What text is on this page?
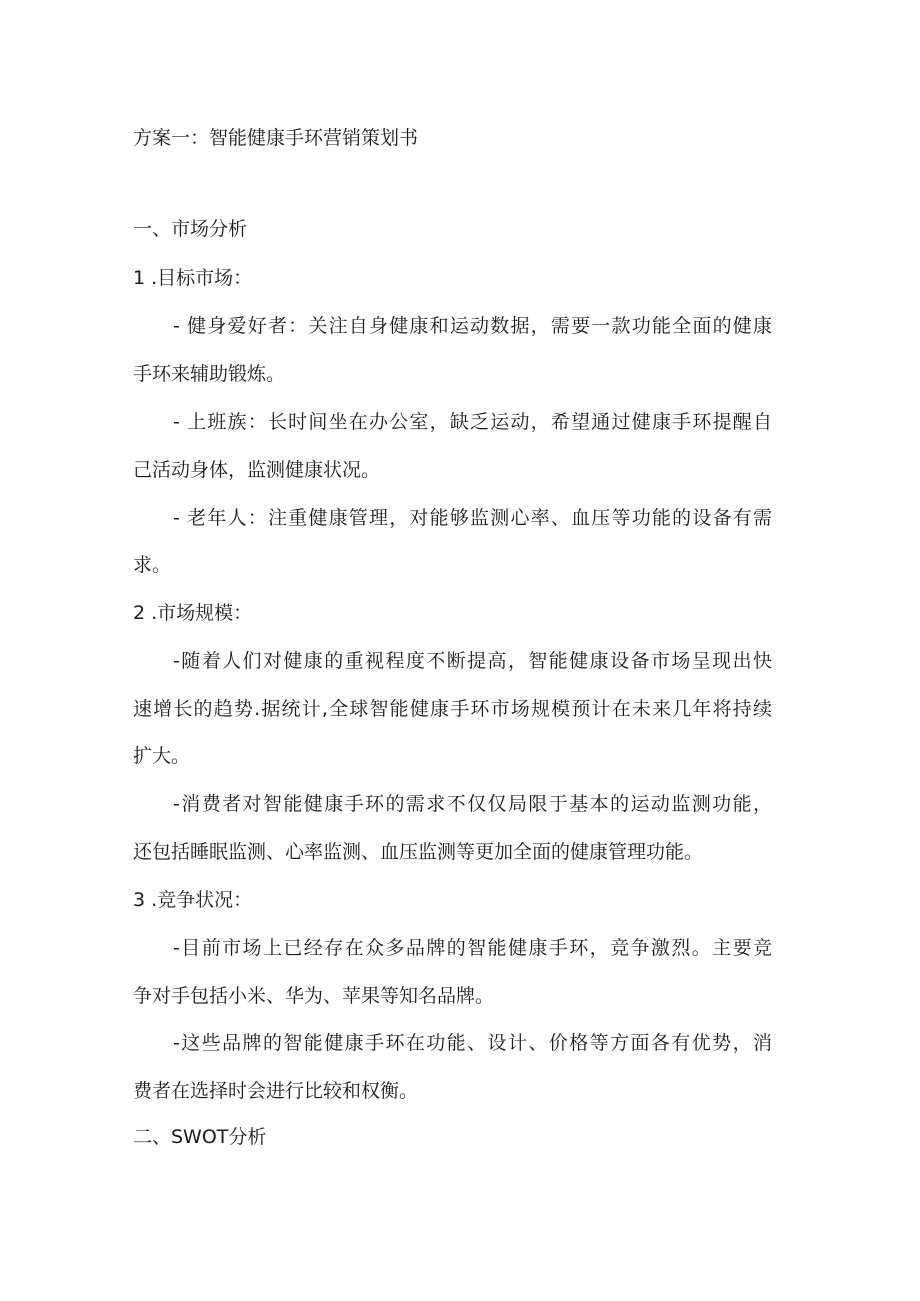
方案一：智能健康手环营销策划书

一、市场分析

1 .目标市场：

- 健身爱好者：关注自身健康和运动数据，需要一款功能全面的健康

手环来辅助锻炼。

- 上班族：长时间坐在办公室，缺乏运动，希望通过健康手环提醒自

己活动身体，监测健康状况。

- 老年人：注重健康管理，对能够监测心率、血压等功能的设备有需

求。

2 .市场规模：

-随着人们对健康的重视程度不断提高，智能健康设备市场呈现出快

速增长的趋势.据统计,全球智能健康手环市场规模预计在未来几年将持续

扩大。

-消费者对智能健康手环的需求不仅仅局限于基本的运动监测功能，

还包括睡眠监测、心率监测、血压监测等更加全面的健康管理功能。

3 .竞争状况：

-目前市场上已经存在众多品牌的智能健康手环，竞争激烈。主要竞

争对手包括小米、华为、苹果等知名品牌。

-这些品牌的智能健康手环在功能、设计、价格等方面各有优势，消

费者在选择时会进行比较和权衡。

二、SWOT分析
